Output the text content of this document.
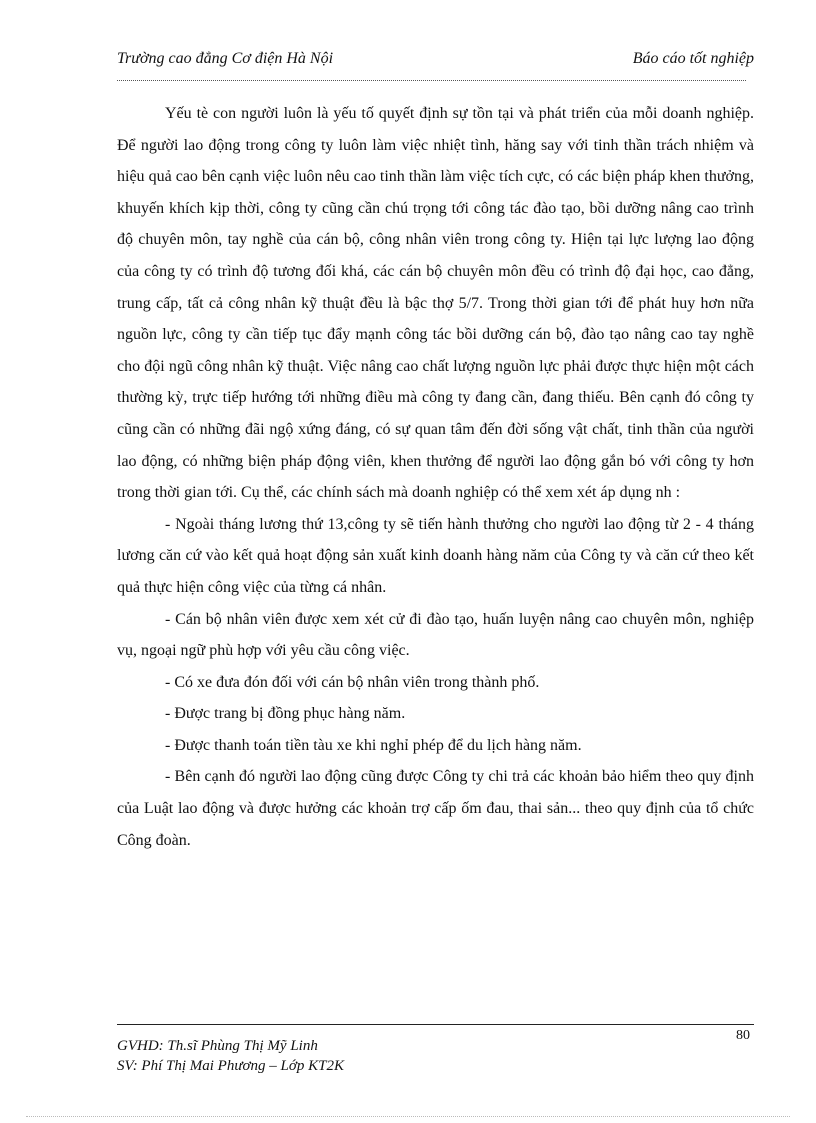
Trường cao đẳng Cơ điện Hà Nội	Báo cáo tốt nghiệp

Yếu tè con người luôn là yếu tố quyết định sự tồn tại và phát triển của mỗi doanh nghiệp. Để người lao động trong công ty luôn làm việc nhiệt tình, hăng say với tinh thần trách nhiệm và hiệu quả cao bên cạnh việc luôn nêu cao tinh thần làm việc tích cực, có các biện pháp khen thưởng, khuyến khích kịp thời, công ty cũng cần chú trọng tới công tác đào tạo, bồi dưỡng nâng cao trình độ chuyên môn, tay nghề của cán bộ, công nhân viên trong công ty. Hiện tại lực lượng lao động của công ty có trình độ tương đối khá, các cán bộ chuyên môn đều có trình độ đại học, cao đẳng, trung cấp, tất cả công nhân kỹ thuật đều là bậc thợ 5/7. Trong thời gian tới để phát huy hơn nữa nguồn lực, công ty cần tiếp tục đẩy mạnh công tác bồi dưỡng cán bộ, đào tạo nâng cao tay nghề cho đội ngũ công nhân kỹ thuật. Việc nâng cao chất lượng nguồn lực phải được thực hiện một cách thường kỳ, trực tiếp hướng tới những điều mà công ty đang cần, đang thiếu. Bên cạnh đó công ty cũng cần có những đãi ngộ xứng đáng, có sự quan tâm đến đời sống vật chất, tinh thần của người lao động, có những biện pháp động viên, khen thưởng để người lao động gắn bó với công ty hơn trong thời gian tới. Cụ thể, các chính sách mà doanh nghiệp có thể xem xét áp dụng nh :

- Ngoài tháng lương thứ 13,công ty sẽ tiến hành thưởng cho người lao động từ 2 - 4 tháng lương căn cứ vào kết quả hoạt động sản xuất kinh doanh hàng năm của Công ty và căn cứ theo kết quả thực hiện công việc của từng cá nhân.

- Cán bộ nhân viên được xem xét cử đi đào tạo, huấn luyện nâng cao chuyên môn, nghiệp vụ, ngoại ngữ phù hợp với yêu cầu công việc.

- Có xe đưa đón đối với cán bộ nhân viên trong thành phố.

- Được trang bị đồng phục hàng năm.

- Được thanh toán tiền tàu xe khi nghỉ phép để du lịch hàng năm.

- Bên cạnh đó người lao động cũng được Công ty chi trả các khoản bảo hiểm theo quy định của Luật lao động và được hưởng các khoản trợ cấp ốm đau, thai sản... theo quy định của tổ chức Công đoàn.

80
GVHD: Th.sĩ Phùng Thị Mỹ Linh
SV: Phí Thị Mai Phương – Lớp KT2K
